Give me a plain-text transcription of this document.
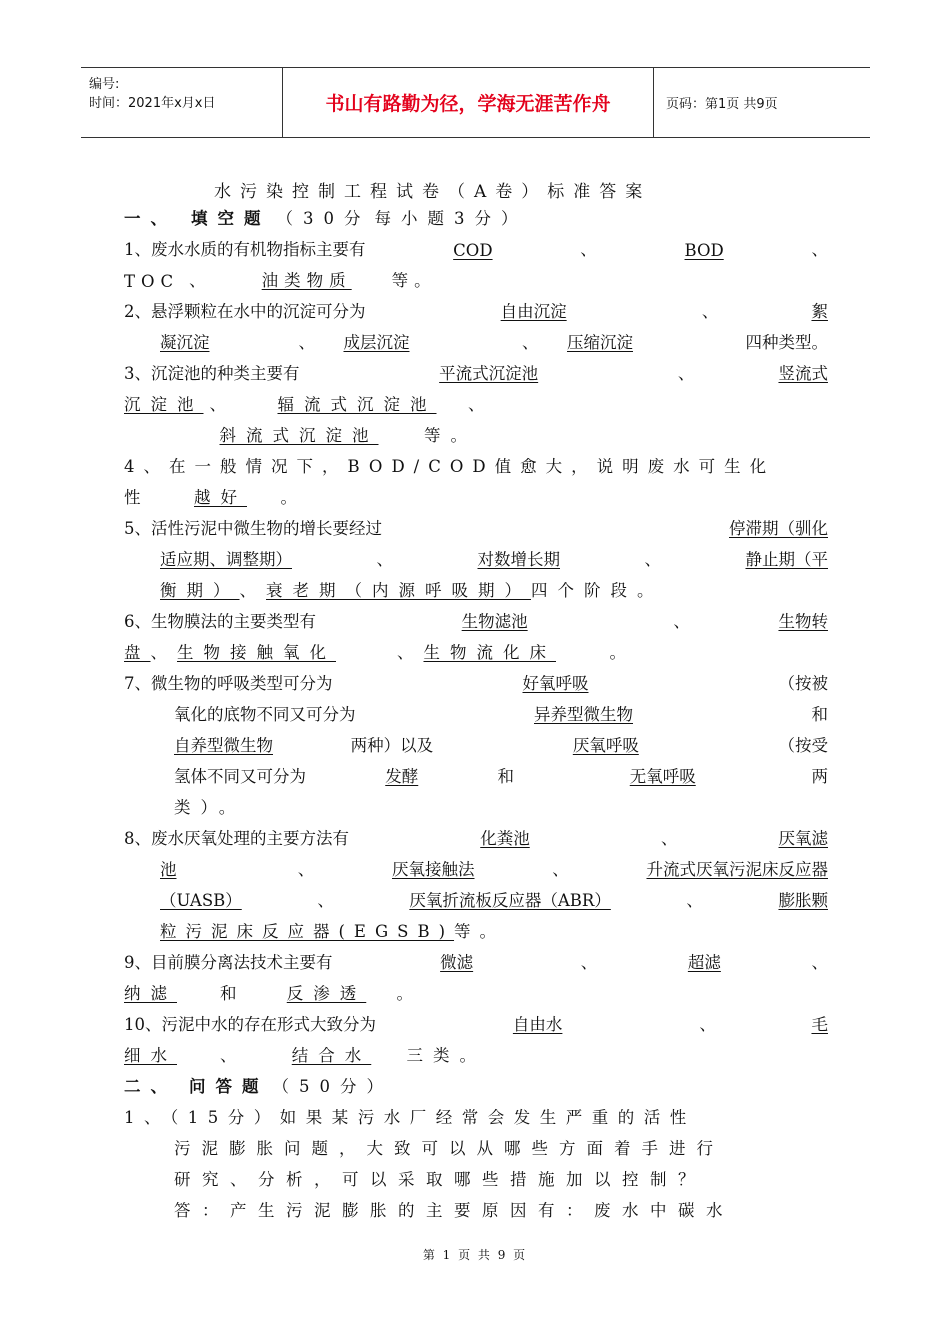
编号:
时间：2021年x月x日	书山有路勤为径，学海无涯苦作舟	页码：第1页 共9页
水污染控制工程试卷（A卷）标准答案
一、 填空题 （30分 每小题3分）
1、废水水质的有机物指标主要有	COD	、	BOD	、
TOC 、	油类物质	等。
2、悬浮颗粒在水中的沉淀可分为	自由沉淀	、	絮
凝沉淀	、 成层沉淀	、 压缩沉淀	四种类型。
3、沉淀池的种类主要有	平流式沉淀池	、	竖流式
沉淀池 、	辐流式沉淀池	、
斜流式沉淀池	等。
4、在一般情况下，BOD/COD值愈大，说明废水可生化
性	越好	。
5、活性污泥中微生物的增长要经过	停滞期（驯化
适应期、调整期）	、	对数增长期	、	静止期（平
衡期） 、 衰老期（内源呼吸期） 四个阶段。
6、生物膜法的主要类型有	生物滤池	、	生物转
盘 、 生物接触氧化	、 生物流化床	。
7、微生物的呼吸类型可分为	好氧呼吸	（按被
氧化的底物不同又可分为	异养型微生物	和
自养型微生物	两种）以及	厌氧呼吸	（按受
氢体不同又可分为	发酵	和	无氧呼吸	两
类）。
8、废水厌氧处理的主要方法有	化粪池	、	厌氧滤
池	、	厌氧接触法	、	升流式厌氧污泥床反应器
（UASB）	、	厌氧折流板反应器（ABR）	、	膨胀颗
粒污泥床反应器(EGSB) 等。
9、目前膜分离法技术主要有	微滤	、	超滤	、
纳滤	和	反渗透	。
10、污泥中水的存在形式大致分为	自由水	、	毛
细水	、	结合水	三类。
二、 问答题 （50分）
1、（15分）如果某污水厂经常会发生严重的活性
污泥膨胀问题，大致可以从哪些方面着手进行
研究、分析，可以采取哪些措施加以控制？
答：产生污泥膨胀的主要原因有：废水中碳水
第 1 页 共 9 页
